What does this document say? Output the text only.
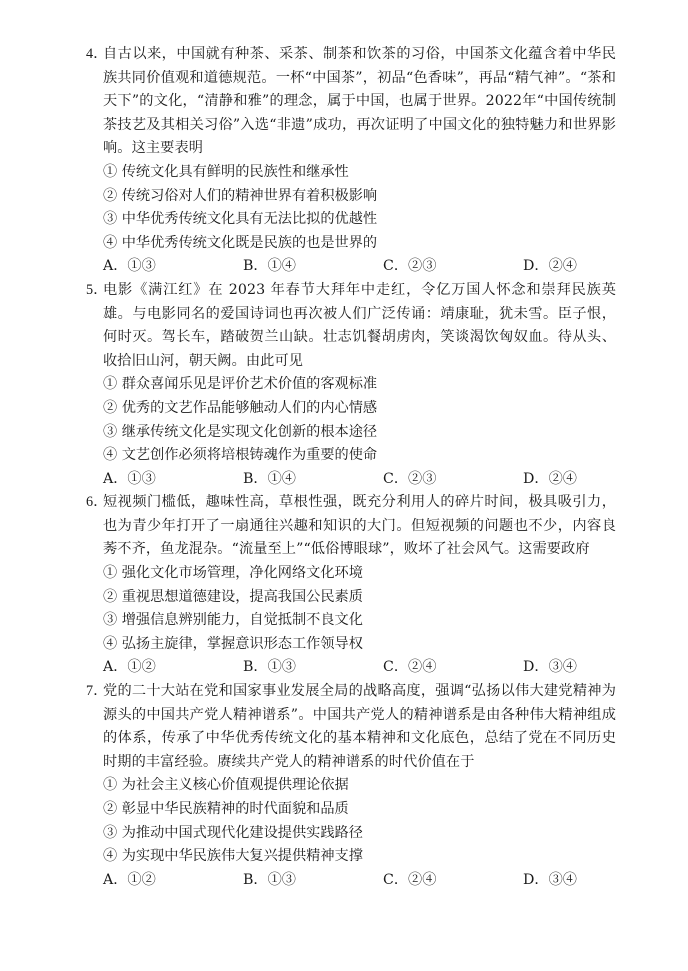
4．
自古以来，中国就有种茶、采茶、制茶和饮茶的习俗，中国茶文化蕴含着中华民族共同价值观和道德规范。一杯“中国茶”，初品“色香味”，再品“精气神”。“茶和天下”的文化，“清静和雅”的理念，属于中国，也属于世界。2022年“中国传统制茶技艺及其相关习俗”入选“非遗”成功，再次证明了中国文化的独特魅力和世界影响。这主要表明
① 传统文化具有鲜明的民族性和继承性
② 传统习俗对人们的精神世界有着积极影响
③ 中华优秀传统文化具有无法比拟的优越性
④ 中华优秀传统文化既是民族的也是世界的
A．①③	B．①④	C．②③	D．②④
5．
电影《满江红》在 2023 年春节大拜年中走红，令亿万国人怀念和崇拜民族英雄。与电影同名的爱国诗词也再次被人们广泛传诵：靖康耻，犹未雪。臣子恨，何时灭。驾长车，踏破贺兰山缺。壮志饥餐胡虏肉，笑谈渴饮匈奴血。待从头、收拾旧山河，朝天阙。由此可见
① 群众喜闻乐见是评价艺术价值的客观标准
② 优秀的文艺作品能够触动人们的内心情感
③ 继承传统文化是实现文化创新的根本途径
④ 文艺创作必须将培根铸魂作为重要的使命
A．①③	B．①④	C．②③	D．②④
6．
短视频门槛低，趣味性高，草根性强，既充分利用人的碎片时间，极具吸引力，也为青少年打开了一扇通往兴趣和知识的大门。但短视频的问题也不少，内容良莠不齐，鱼龙混杂。“流量至上”“低俗博眼球”，败坏了社会风气。这需要政府
① 强化文化市场管理，净化网络文化环境
② 重视思想道德建设，提高我国公民素质
③ 增强信息辨别能力，自觉抵制不良文化
④ 弘扬主旋律，掌握意识形态工作领导权
A．①②	B．①③	C．②④	D．③④
7．
党的二十大站在党和国家事业发展全局的战略高度，强调“弘扬以伟大建党精神为源头的中国共产党人精神谱系”。中国共产党人的精神谱系是由各种伟大精神组成的体系，传承了中华优秀传统文化的基本精神和文化底色，总结了党在不同历史时期的丰富经验。赓续共产党人的精神谱系的时代价值在于
① 为社会主义核心价值观提供理论依据
② 彰显中华民族精神的时代面貌和品质
③ 为推动中国式现代化建设提供实践路径
④ 为实现中华民族伟大复兴提供精神支撑
A．①②	B．①③	C．②④	D．③④
